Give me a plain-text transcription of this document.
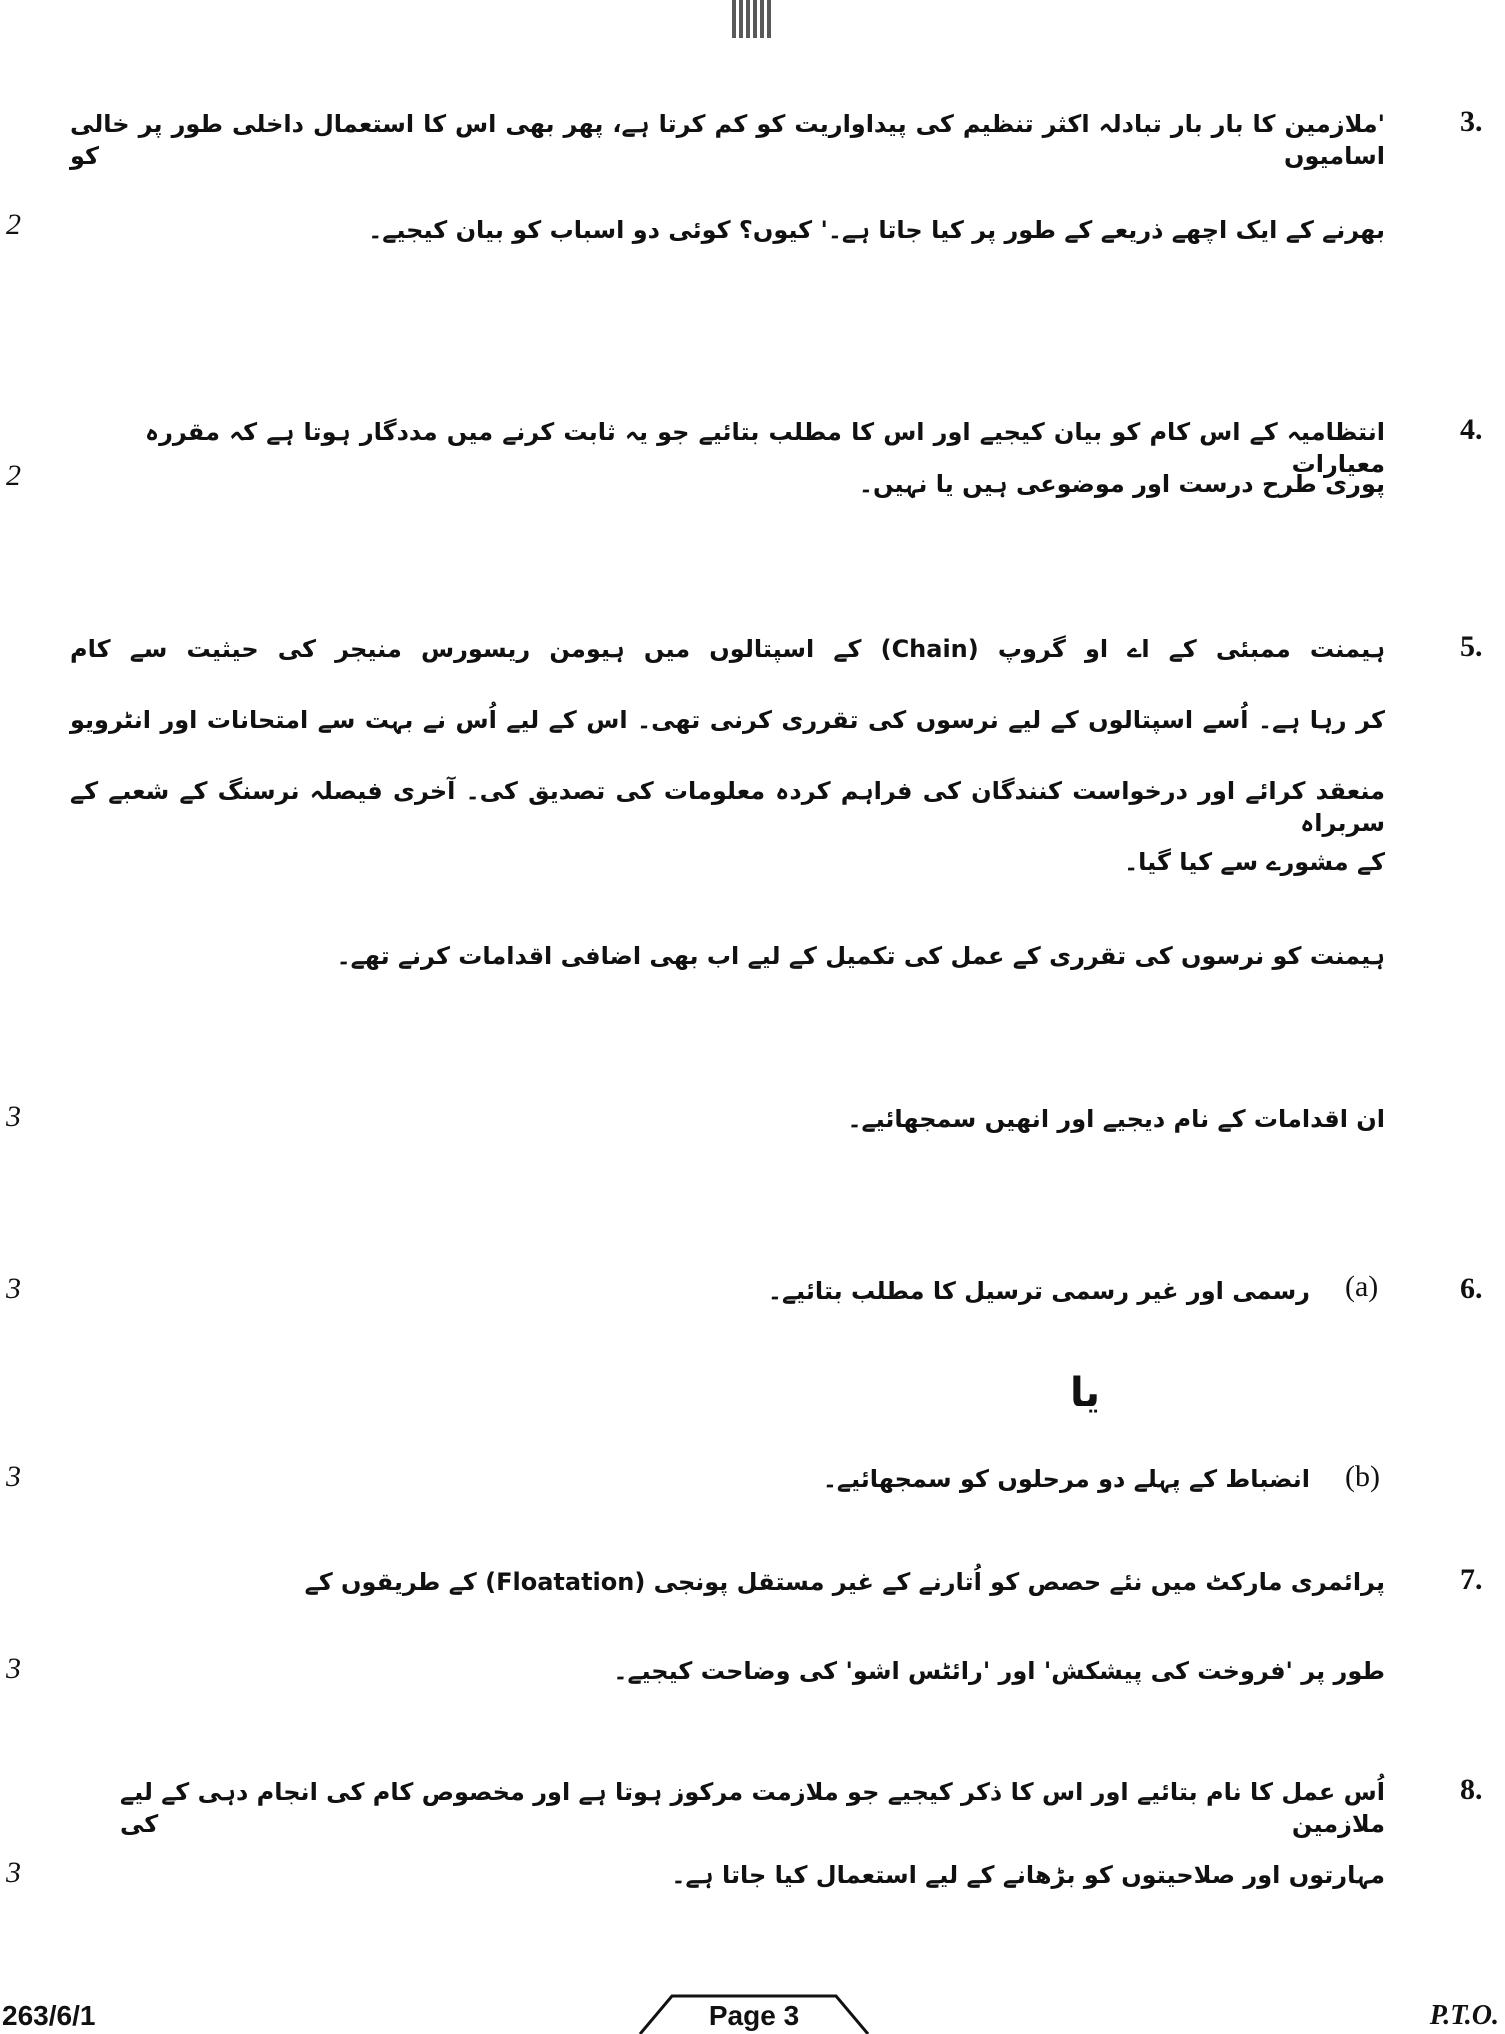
3.
'ملازمین کا بار بار تبادلہ اکثر تنظیم کی پیداواریت کو کم کرتا ہے، پھر بھی اس کا استعمال داخلی طور پر خالی اسامیوں کو
بھرنے کے ایک اچھے ذریعے کے طور پر کیا جاتا ہے۔' کیوں؟ کوئی دو اسباب کو بیان کیجیے۔
2
4.
انتظامیہ کے اس کام کو بیان کیجیے اور اس کا مطلب بتائیے جو یہ ثابت کرنے میں مددگار ہوتا ہے کہ مقررہ معیارات
پوری طرح درست اور موضوعی ہیں یا نہیں۔
2
5.
ہیمنت ممبئی کے اے او گروپ (Chain) کے اسپتالوں میں ہیومن ریسورس منیجر کی حیثیت سے کام
کر رہا ہے۔ اُسے اسپتالوں کے لیے نرسوں کی تقرری کرنی تھی۔ اس کے لیے اُس نے بہت سے امتحانات اور انٹرویو
منعقد کرائے اور درخواست کنندگان کی فراہم کردہ معلومات کی تصدیق کی۔ آخری فیصلہ نرسنگ کے شعبے کے سربراہ
کے مشورے سے کیا گیا۔
ہیمنت کو نرسوں کی تقرری کے عمل کی تکمیل کے لیے اب بھی اضافی اقدامات کرنے تھے۔
ان اقدامات کے نام دیجیے اور انھیں سمجھائیے۔
3
6.
(a)
رسمی اور غیر رسمی ترسیل کا مطلب بتائیے۔
3
یا
(b)
انضباط کے پہلے دو مرحلوں کو سمجھائیے۔
3
7.
پرائمری مارکٹ میں نئے حصص کو اُتارنے کے غیر مستقل پونجی (Floatation) کے طریقوں کے
طور پر 'فروخت کی پیشکش' اور 'رائٹس اشو' کی وضاحت کیجیے۔
3
8.
اُس عمل کا نام بتائیے اور اس کا ذکر کیجیے جو ملازمت مرکوز ہوتا ہے اور مخصوص کام کی انجام دہی کے لیے ملازمین کی
مہارتوں اور صلاحیتوں کو بڑھانے کے لیے استعمال کیا جاتا ہے۔
3
263/6/1	Page 3	P.T.O.
